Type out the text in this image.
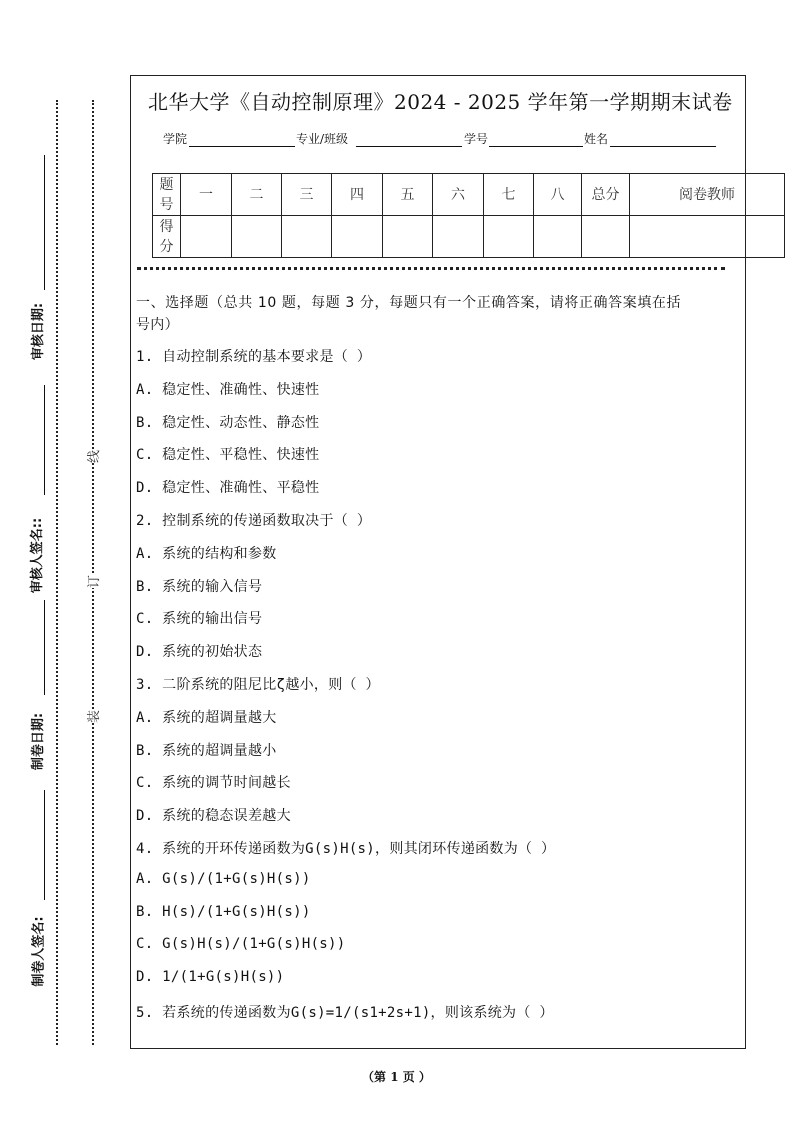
审核日期:
审核人签名::
制卷日期:
制卷人签名:
线
订
装
北华大学《自动控制原理》2024 - 2025 学年第一学期期末试卷
学院	专业/班级	学号	姓名
题号	一	二	三	四	五	六	七	八	总分	阅卷教师
得分										
一、选择题（总共 10 题，每题 3 分，每题只有一个正确答案，请将正确答案填在括
号内）
1. 自动控制系统的基本要求是（ ）
A. 稳定性、准确性、快速性
B. 稳定性、动态性、静态性
C. 稳定性、平稳性、快速性
D. 稳定性、准确性、平稳性
2. 控制系统的传递函数取决于（ ）
A. 系统的结构和参数
B. 系统的输入信号
C. 系统的输出信号
D. 系统的初始状态
3. 二阶系统的阻尼比ζ越小，则（ ）
A. 系统的超调量越大
B. 系统的超调量越小
C. 系统的调节时间越长
D. 系统的稳态误差越大
4. 系统的开环传递函数为G(s)H(s)，则其闭环传递函数为（ ）
A. G(s)/(1+G(s)H(s))
B. H(s)/(1+G(s)H(s))
C. G(s)H(s)/(1+G(s)H(s))
D. 1/(1+G(s)H(s))
5. 若系统的传递函数为G(s)=1/(s1+2s+1)，则该系统为（ ）
（第 1 页 ）
